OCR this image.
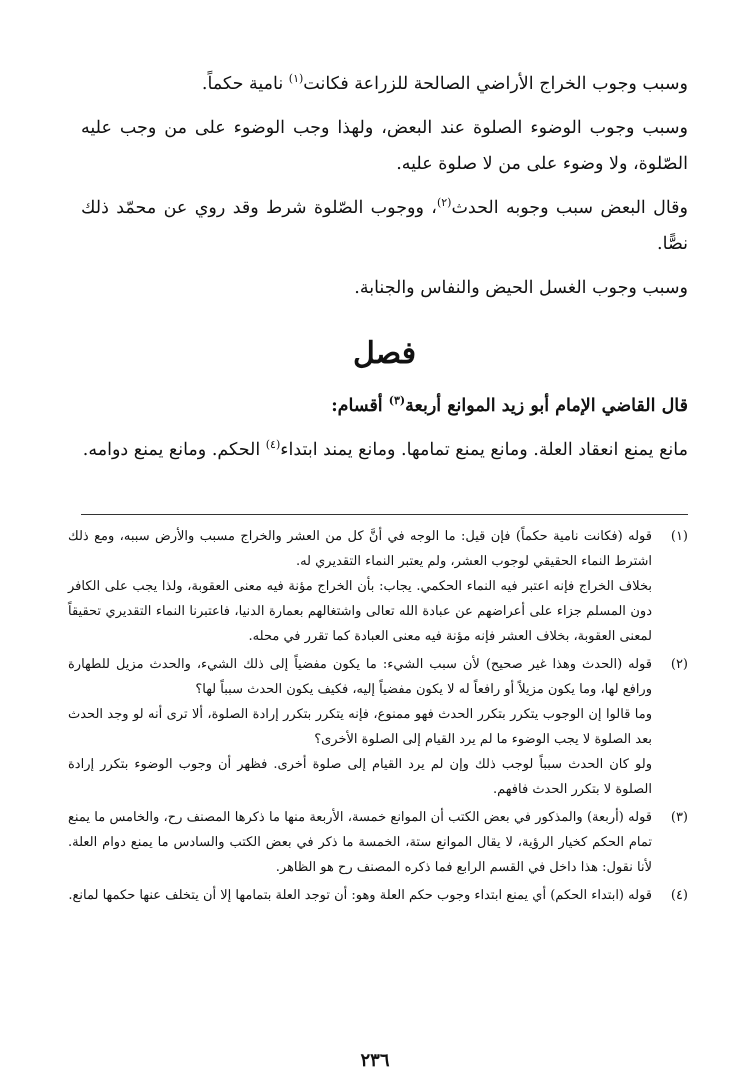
وسبب وجوب الخراج الأراضي الصالحة للزراعة فكانت$^{(١)}$ نامية حكماً.

وسبب وجوب الوضوء الصلوة عند البعض، ولهذا وجب الوضوء على من وجب عليه الصّلوة، ولا وضوء على من لا صلوة عليه.

وقال البعض سبب وجوبه الحدث$^{(٢)}$، ووجوب الصّلوة شرط وقد روي عن محمّد ذلك نصًّا.

وسبب وجوب الغسل الحيض والنفاس والجنابة.

فصل

قال القاضي الإمام أبو زيد الموانع أربعة$^{(٣)}$ أقسام:

مانع يمنع انعقاد العلة. ومانع يمنع تمامها. ومانع يمند ابتداء$^{(٤)}$ الحكم. ومانع يمنع دوامه.

(١)

قوله (فكانت نامية حكماً) فإن قيل: ما الوجه في أنَّ كل من العشر والخراج مسبب والأرض سببه، ومع ذلك اشترط النماء الحقيقي لوجوب العشر، ولم يعتبر النماء التقديري له.

بخلاف الخراج فإنه اعتبر فيه النماء الحكمي. يجاب: بأن الخراج مؤنة فيه معنى العقوبة، ولذا يجب على الكافر دون المسلم جزاء على أعراضهم عن عبادة الله تعالى واشتغالهم بعمارة الدنيا، فاعتبرنا النماء التقديري تحقيقاً لمعنى العقوبة، بخلاف العشر فإنه مؤنة فيه معنى العبادة كما تقرر في محله.

(٢)

قوله (الحدث وهذا غير صحيح) لأن سبب الشيء: ما يكون مفضياً إلى ذلك الشيء، والحدث مزيل للطهارة ورافع لها، وما يكون مزيلاً أو رافعاً له لا يكون مفضياً إليه، فكيف يكون الحدث سبباً لها؟

وما قالوا إن الوجوب يتكرر بتكرر الحدث فهو ممنوع، فإنه يتكرر بتكرر إرادة الصلوة، ألا ترى أنه لو وجد الحدث بعد الصلوة لا يجب الوضوء ما لم يرد القيام إلى الصلوة الأخرى؟

ولو كان الحدث سبباً لوجب ذلك وإن لم يرد القيام إلى صلوة أخرى. فظهر أن وجوب الوضوء بتكرر إرادة الصلوة لا بتكرر الحدث فافهم.

(٣)

قوله (أربعة) والمذكور في بعض الكتب أن الموانع خمسة، الأربعة منها ما ذكرها المصنف رح، والخامس ما يمنع تمام الحكم كخيار الرؤية، لا يقال الموانع ستة، الخمسة ما ذكر في بعض الكتب والسادس ما يمنع دوام العلة. لأنا نقول: هذا داخل في القسم الرابع فما ذكره المصنف رح هو الظاهر.

(٤)

قوله (ابتداء الحكم) أي يمنع ابتداء وجوب حكم العلة وهو: أن توجد العلة بتمامها إلا أن يتخلف عنها حكمها لمانع.

٢٣٦
